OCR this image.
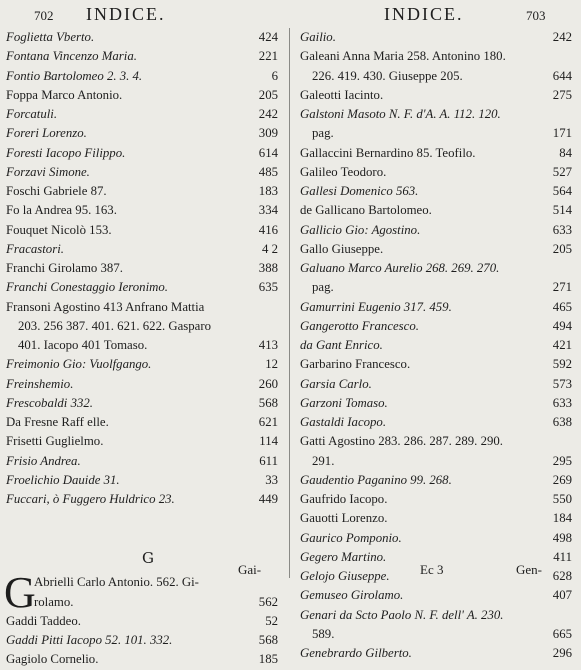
702 INDICE.	INDICE.	703
Foglietta Vberto.	424
Fontana Vincenzo Maria.	221
Fontio Bartolomeo 2. 3. 4.	6
Foppa Marco Antonio.	205
Forcatuli.	242
Foreri Lorenzo.	309
Foresti Iacopo Filippo.	614
Forzavi Simone.	485
Foschi Gabriele 87.	183
Fo la Andrea 95. 163.	334
Fouquet Nicolò 153.	416
Fracastori.	4 2
Franchi Girolamo 387.	388
Franchi Conestaggio Ieronimo.	635
Fransoni Agostino 413 Anfrano Mattia
203. 256 387. 401. 621. 622. Gasparo
401. Iacopo 401 Tomaso.	413
Freimonio Gio: Vuolfgango.	12
Freinshemio.	260
Frescobaldi 332.	568
Da Fresne Raff elle.	621
Frisetti Guglielmo.	114
Frisio Andrea.	611
Froelichio Dauide 31.	33
Fuccari, ò Fuggero Huldrico 23.	449
G
G
Abrielli Carlo Antonio. 562. Gi-
rolamo.	562
Gaddi Taddeo.	52
Gaddi Pitti Iacopo 52. 101. 332.	568
Gagiolo Cornelio.	185
Gailio.	242
Galeani Anna Maria 258. Antonino 180.
226. 419. 430. Giuseppe 205.	644
Galeotti Iacinto.	275
Galstoni Masoto N. F. d'A. A. 112. 120.
pag.	171
Gallaccini Bernardino 85. Teofilo.	84
Galileo Teodoro.	527
Gallesi Domenico 563.	564
de Gallicano Bartolomeo.	514
Gallicio Gio: Agostino.	633
Gallo Giuseppe.	205
Galuano Marco Aurelio 268. 269. 270.
pag.	271
Gamurrini Eugenio 317. 459.	465
Gangerotto Francesco.	494
da Gant Enrico.	421
Garbarino Francesco.	592
Garsia Carlo.	573
Garzoni Tomaso.	633
Gastaldi Iacopo.	638
Gatti Agostino 283. 286. 287. 289. 290.
291.	295
Gaudentio Paganino 99. 268.	269
Gaufrido Iacopo.	550
Gauotti Lorenzo.	184
Gaurico Pomponio.	498
Gegero Martino.	411
Gelojo Giuseppe.	628
Gemuseo Girolamo.	407
Genari da Scto Paolo N. F. dell' A. 230.
589.	665
Genebrardo Gilberto.	296
Gai-	Ec 3	Gen-
